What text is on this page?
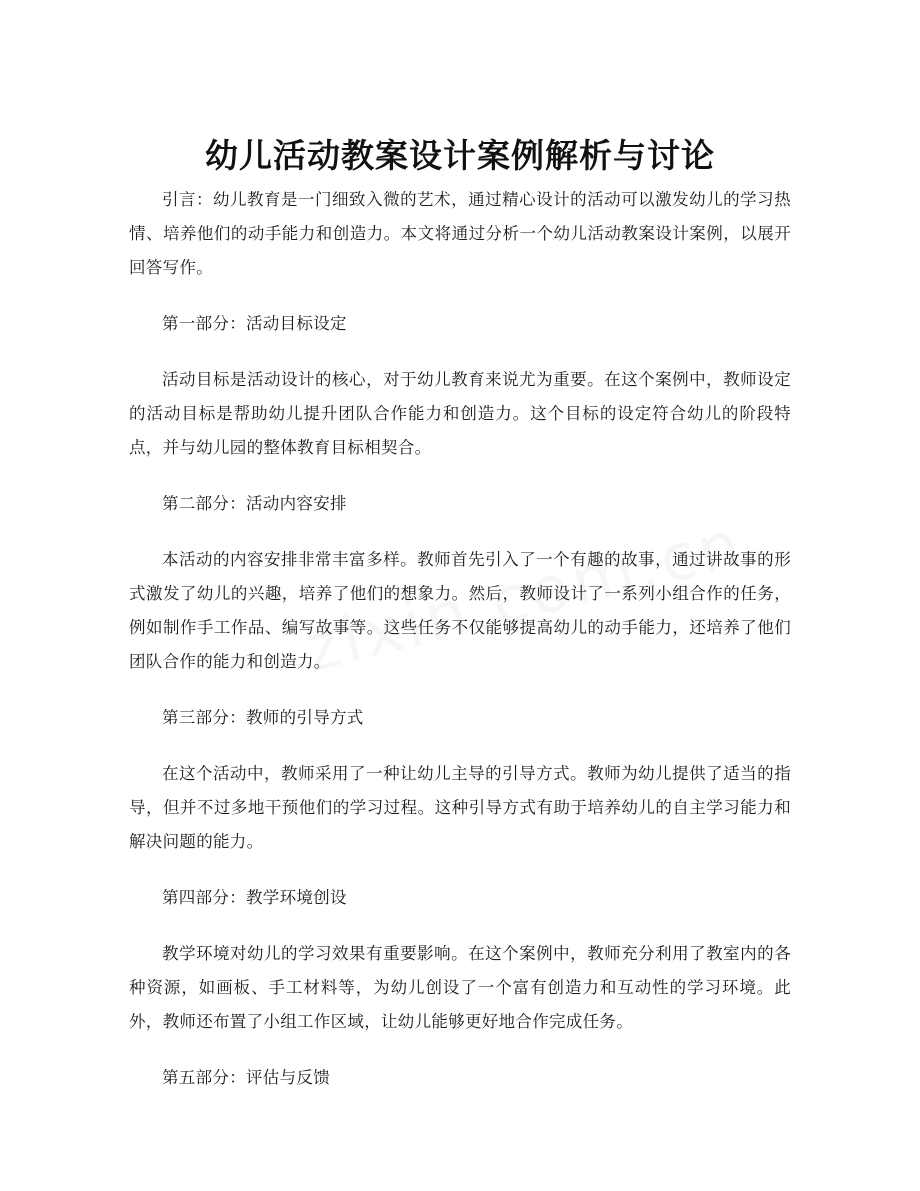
幼儿活动教案设计案例解析与讨论

引言：幼儿教育是一门细致入微的艺术，通过精心设计的活动可以激发幼儿的学习热情、培养他们的动手能力和创造力。本文将通过分析一个幼儿活动教案设计案例，以展开回答写作。

第一部分：活动目标设定

活动目标是活动设计的核心，对于幼儿教育来说尤为重要。在这个案例中，教师设定的活动目标是帮助幼儿提升团队合作能力和创造力。这个目标的设定符合幼儿的阶段特点，并与幼儿园的整体教育目标相契合。

第二部分：活动内容安排

本活动的内容安排非常丰富多样。教师首先引入了一个有趣的故事，通过讲故事的形式激发了幼儿的兴趣，培养了他们的想象力。然后，教师设计了一系列小组合作的任务，例如制作手工作品、编写故事等。这些任务不仅能够提高幼儿的动手能力，还培养了他们团队合作的能力和创造力。

第三部分：教师的引导方式

在这个活动中，教师采用了一种让幼儿主导的引导方式。教师为幼儿提供了适当的指导，但并不过多地干预他们的学习过程。这种引导方式有助于培养幼儿的自主学习能力和解决问题的能力。

第四部分：教学环境创设

教学环境对幼儿的学习效果有重要影响。在这个案例中，教师充分利用了教室内的各种资源，如画板、手工材料等，为幼儿创设了一个富有创造力和互动性的学习环境。此外，教师还布置了小组工作区域，让幼儿能够更好地合作完成任务。

第五部分：评估与反馈
